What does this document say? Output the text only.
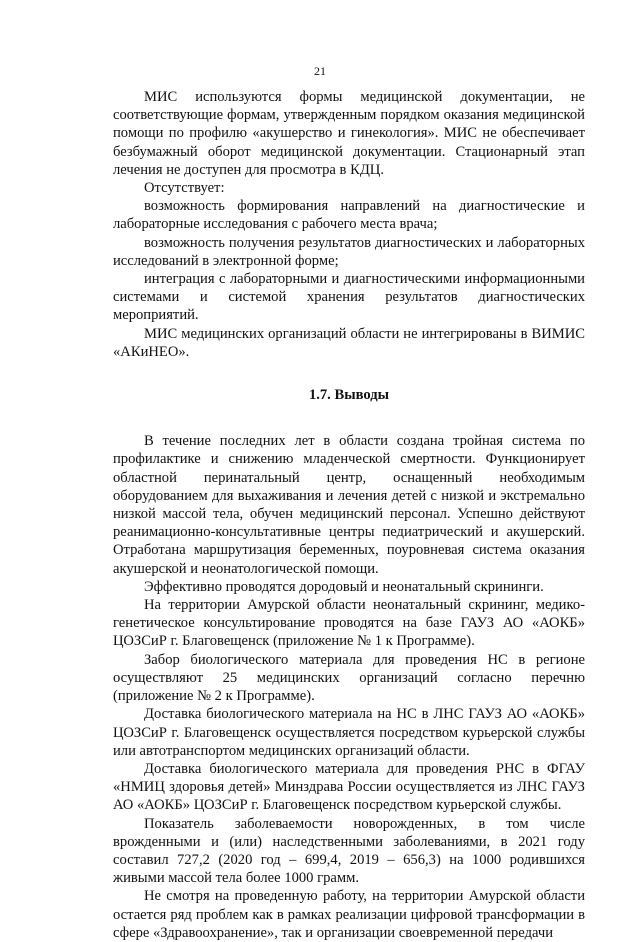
21

МИС используются формы медицинской документации, не соответствующие формам, утвержденным порядком оказания медицинской помощи по профилю «акушерство и гинекология». МИС не обеспечивает безбумажный оборот медицинской документации. Стационарный этап лечения не доступен для просмотра в КДЦ.

Отсутствует:

возможность формирования направлений на диагностические и лабораторные исследования с рабочего места врача;

возможность получения результатов диагностических и лабораторных исследований в электронной форме;

интеграция с лабораторными и диагностическими информационными системами и системой хранения результатов диагностических мероприятий.

МИС медицинских организаций области не интегрированы в ВИМИС «АКиНЕО».

1.7. Выводы

В течение последних лет в области создана тройная система по профилактике и снижению младенческой смертности. Функционирует областной перинатальный центр, оснащенный необходимым оборудованием для выхаживания и лечения детей с низкой и экстремально низкой массой тела, обучен медицинский персонал. Успешно действуют реанимационно-консультативные центры педиатрический и акушерский. Отработана маршрутизация беременных, поуровневая система оказания акушерской и неонатологической помощи.

Эффективно проводятся дородовый и неонатальный скрининги.

На территории Амурской области неонатальный скрининг, медико-генетическое консультирование проводятся на базе ГАУЗ АО «АОКБ» ЦОЗСиР г. Благовещенск (приложение № 1 к Программе).

Забор биологического материала для проведения НС в регионе осуществляют 25 медицинских организаций согласно перечню (приложение № 2 к Программе).

Доставка биологического материала на НС в ЛНС ГАУЗ АО «АОКБ» ЦОЗСиР г. Благовещенск осуществляется посредством курьерской службы или автотранспортом медицинских организаций области.

Доставка биологического материала для проведения РНС в ФГАУ «НМИЦ здоровья детей» Минздрава России осуществляется из ЛНС ГАУЗ АО «АОКБ» ЦОЗСиР г. Благовещенск посредством курьерской службы.

Показатель заболеваемости новорожденных, в том числе врожденными и (или) наследственными заболеваниями, в 2021 году составил 727,2 (2020 год – 699,4, 2019 – 656,3) на 1000 родившихся живыми массой тела более 1000 грамм.

Не смотря на проведенную работу, на территории Амурской области остается ряд проблем как в рамках реализации цифровой трансформации в сфере «Здравоохранение», так и организации своевременной передачи
